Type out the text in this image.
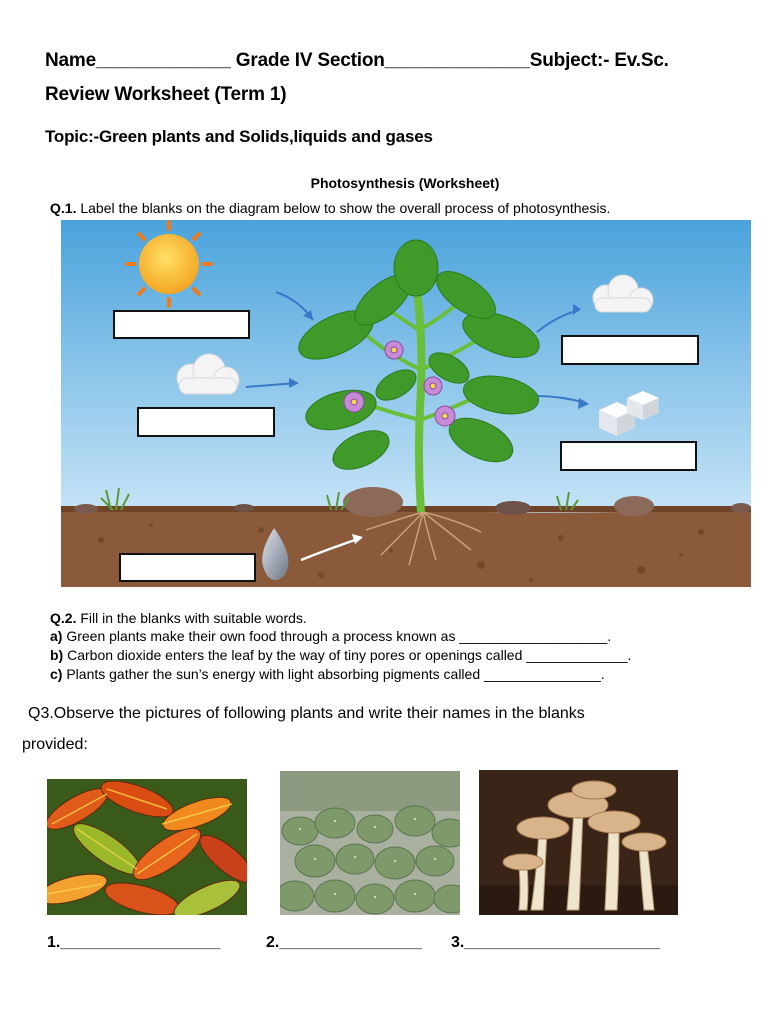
Name_____________ Grade IV Section______________Subject:- Ev.Sc.
Review Worksheet (Term 1)
Topic:-Green plants and Solids,liquids and gases
Photosynthesis (Worksheet)
Q.1. Label the blanks on the diagram below to show the overall process of photosynthesis.
Q.2. Fill in the blanks with suitable words.
a) Green plants make their own food through a process known as ___________________.
b) Carbon dioxide enters the leaf by the way of tiny pores or openings called _____________.
c) Plants gather the sun’s energy with light absorbing pigments called _______________.
Q3.Observe the pictures of following plants and write their names in the blanks
provided:
1.__________________	2.________________ 3.______________________
